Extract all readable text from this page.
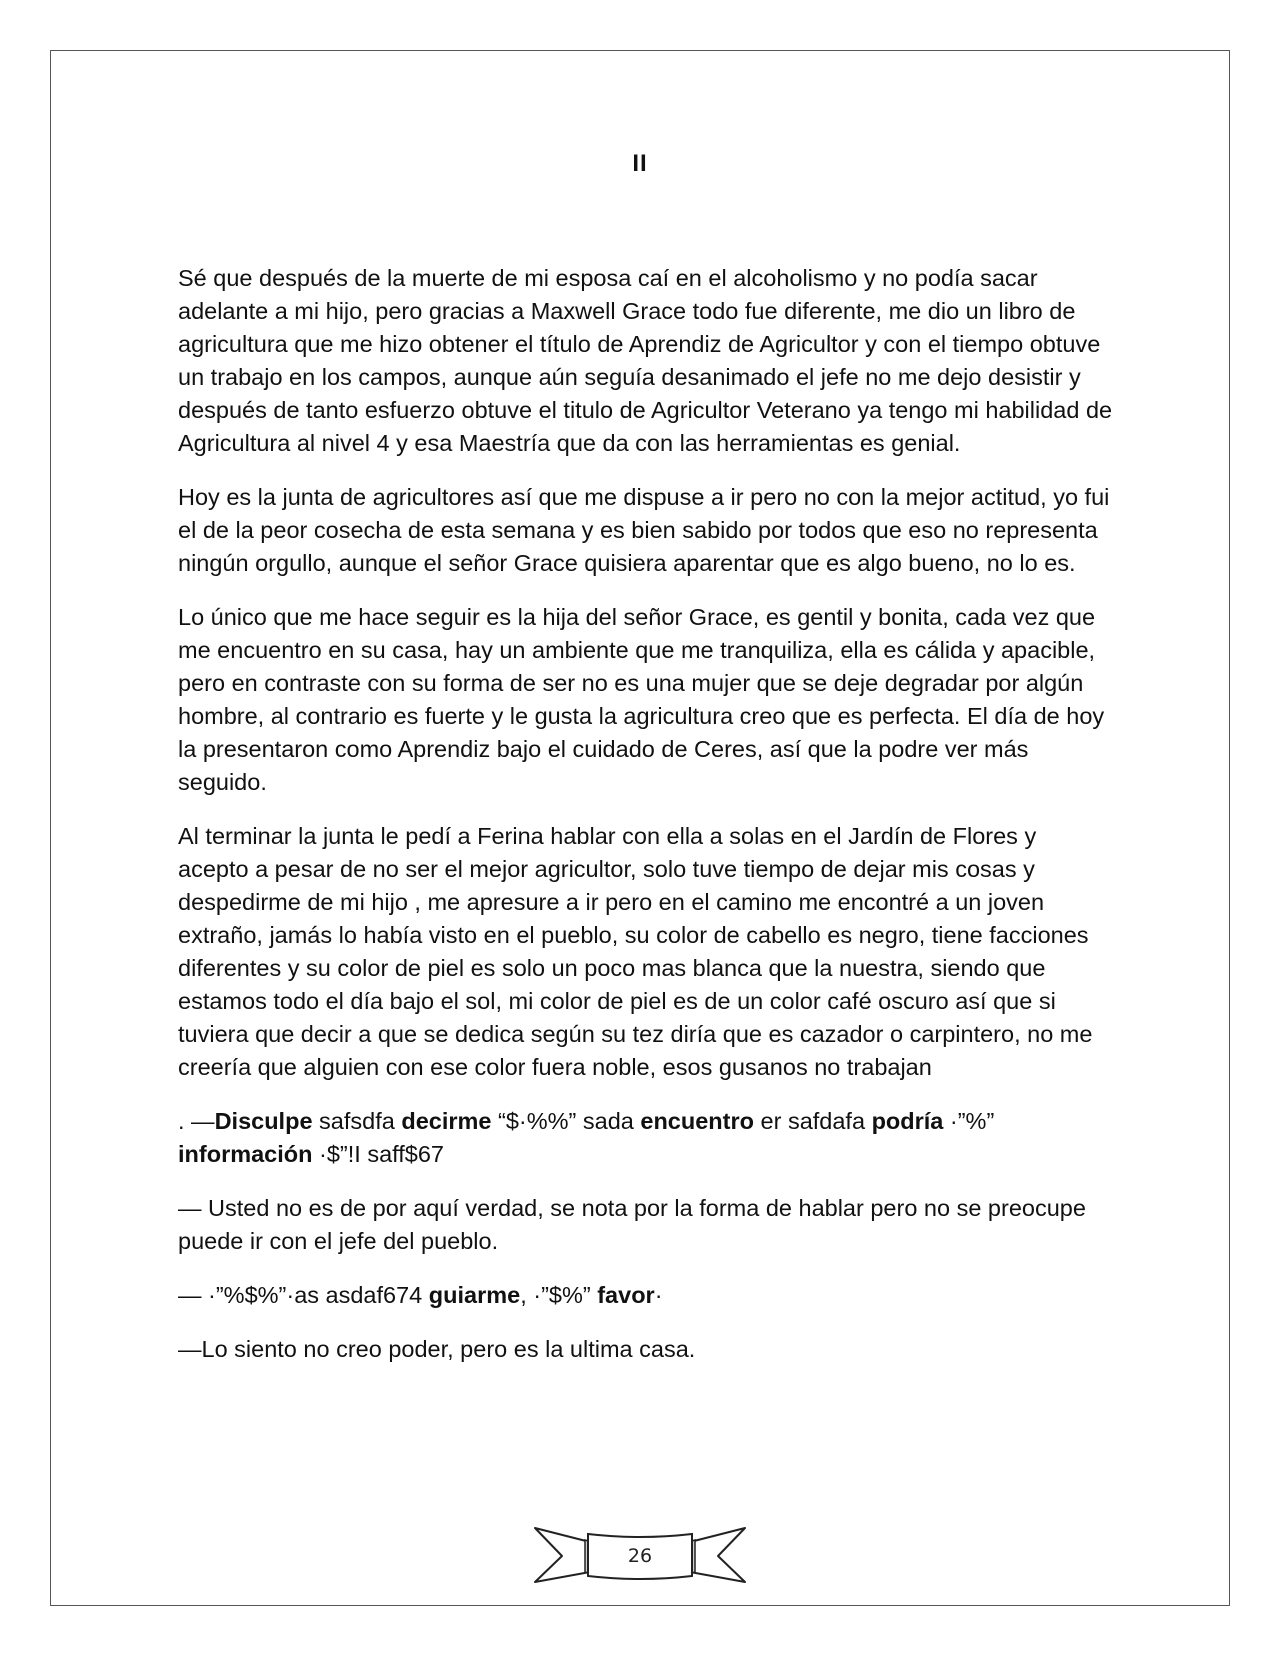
II

Sé que después de la muerte de mi esposa caí en el alcoholismo y no podía sacar adelante a mi hijo, pero gracias a Maxwell Grace todo fue diferente, me dio un libro de agricultura que me hizo obtener el título de Aprendiz de Agricultor y con el tiempo obtuve un trabajo en los campos, aunque aún seguía desanimado el jefe no me dejo desistir y después de tanto esfuerzo obtuve el titulo de Agricultor Veterano ya tengo mi habilidad de Agricultura al nivel 4 y esa Maestría que da con las herramientas es genial.

Hoy es la junta de agricultores así que me dispuse a ir pero no con la mejor actitud, yo fui el de la peor cosecha de esta semana y es bien sabido por todos que eso no representa ningún orgullo, aunque el señor Grace quisiera aparentar que es algo bueno, no lo es.

Lo único que me hace seguir es la hija del señor Grace, es gentil y bonita, cada vez que me encuentro en su casa, hay un ambiente que me tranquiliza, ella es cálida y apacible, pero en contraste con su forma de ser no es una mujer que se deje degradar por algún hombre, al contrario es fuerte y le gusta la agricultura creo que es perfecta. El día de hoy la presentaron como Aprendiz bajo el cuidado de Ceres, así que la podre ver más seguido.

Al terminar la junta le pedí a Ferina hablar con ella a solas en el Jardín de Flores y acepto a pesar de no ser el mejor agricultor, solo tuve tiempo de dejar mis cosas y despedirme de mi hijo , me apresure a ir pero en el camino me encontré a un joven extraño, jamás lo había visto en el pueblo, su color de cabello es negro, tiene facciones diferentes y su color de piel es solo un poco mas blanca que la nuestra, siendo que estamos todo el día bajo el sol, mi color de piel es de un color café oscuro así que si tuviera que decir a que se dedica según su tez diría que es cazador o carpintero, no me creería que alguien con ese color fuera noble, esos gusanos no trabajan

. —Disculpe safsdfa decirme “$·%%” sada encuentro er safdafa podría ·”%”
información ·$”!I saff$67

— Usted no es de por aquí verdad, se nota por la forma de hablar pero no se preocupe puede ir con el jefe del pueblo.

— ·”%$%”·as asdaf674 guiarme, ·”$%” favor·

—Lo siento no creo poder, pero es la ultima casa.

26
